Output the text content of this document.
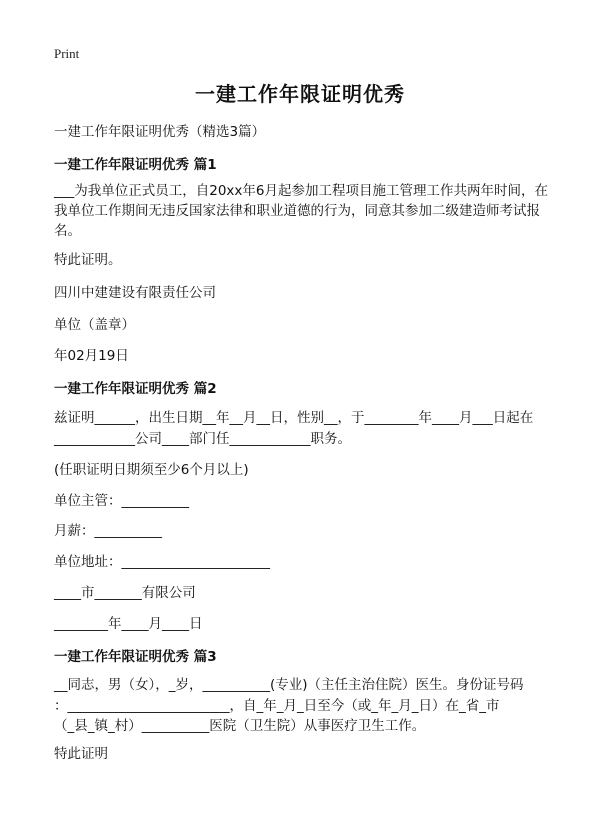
Print
一建工作年限证明优秀
一建工作年限证明优秀（精选3篇）
一建工作年限证明优秀 篇1
___为我单位正式员工，自20xx年6月起参加工程项目施工管理工作共两年时间，在我单位工作期间无违反国家法律和职业道德的行为，同意其参加二级建造师考试报名。
特此证明。
四川中建建设有限责任公司
单位（盖章）
年02月19日
一建工作年限证明优秀 篇2
兹证明______，出生日期__年__月__日，性别__，于________年____月___日起在
____________公司____部门任____________职务。
(任职证明日期须至少6个月以上)
单位主管：__________
月薪：__________
单位地址：______________________
____市_______有限公司
________年____月____日
一建工作年限证明优秀 篇3
__同志，男（女），_岁，__________(专业)（主任主治住院）医生。身份证号码
：________________________，自_年_月_日至今（或_年_月_日）在_省_市
（_县_镇_村）__________医院（卫生院）从事医疗卫生工作。
特此证明
